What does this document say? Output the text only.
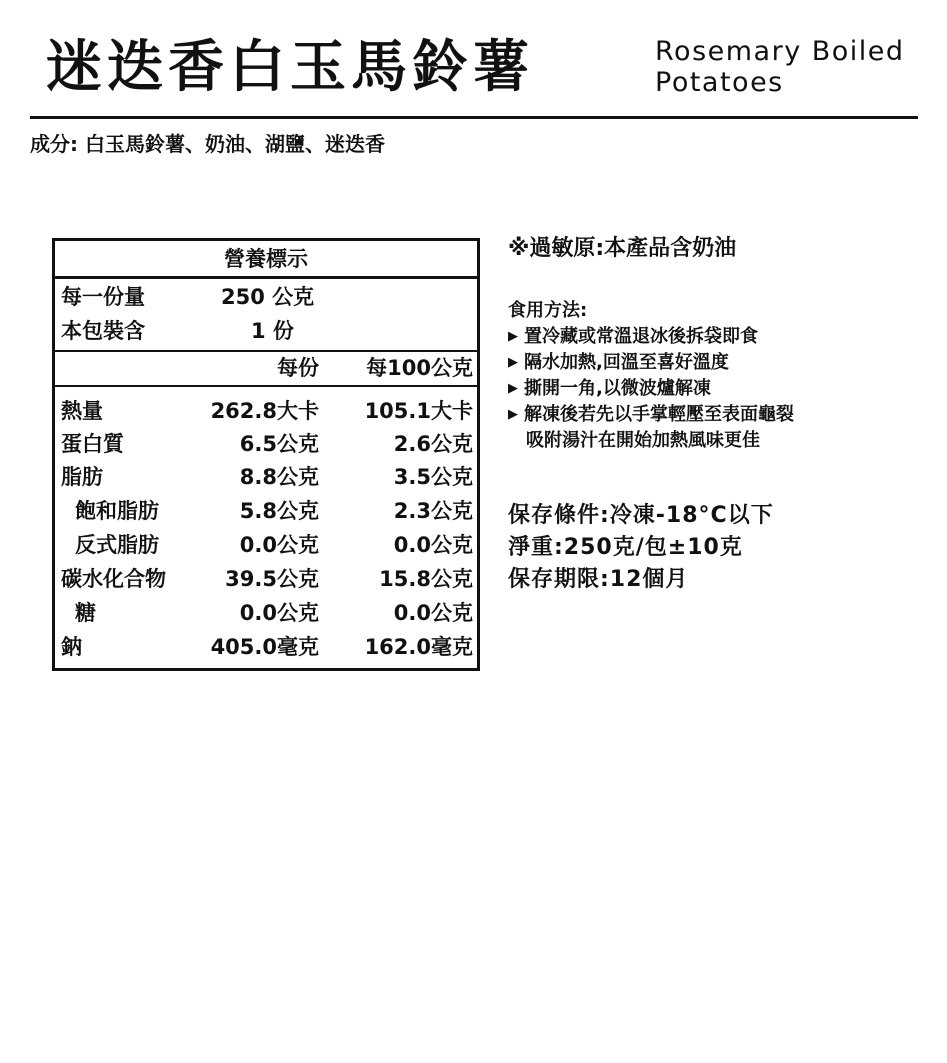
迷迭香白玉馬鈴薯	Rosemary Boiled
Potatoes
成分: 白玉馬鈴薯、奶油、湖鹽、迷迭香
營養標示
每一份量	250 公克
本包裝含	1 份
每份 每100公克
熱量	262.8大卡 105.1大卡
蛋白質	6.5公克	2.6公克
脂肪	8.8公克	3.5公克
飽和脂肪	5.8公克	2.3公克
反式脂肪	0.0公克	0.0公克
碳水化合物	39.5公克	15.8公克
糖	0.0公克	0.0公克
鈉	405.0毫克 162.0毫克
※過敏原:本產品含奶油
食用方法:
▶ 置冷藏或常溫退冰後拆袋即食
▶ 隔水加熱,回溫至喜好溫度
▶ 撕開一角,以微波爐解凍
▶ 解凍後若先以手掌輕壓至表面龜裂
吸附湯汁在開始加熱風味更佳
保存條件:冷凍-18°C以下
淨重:250克/包±10克
保存期限:12個月
